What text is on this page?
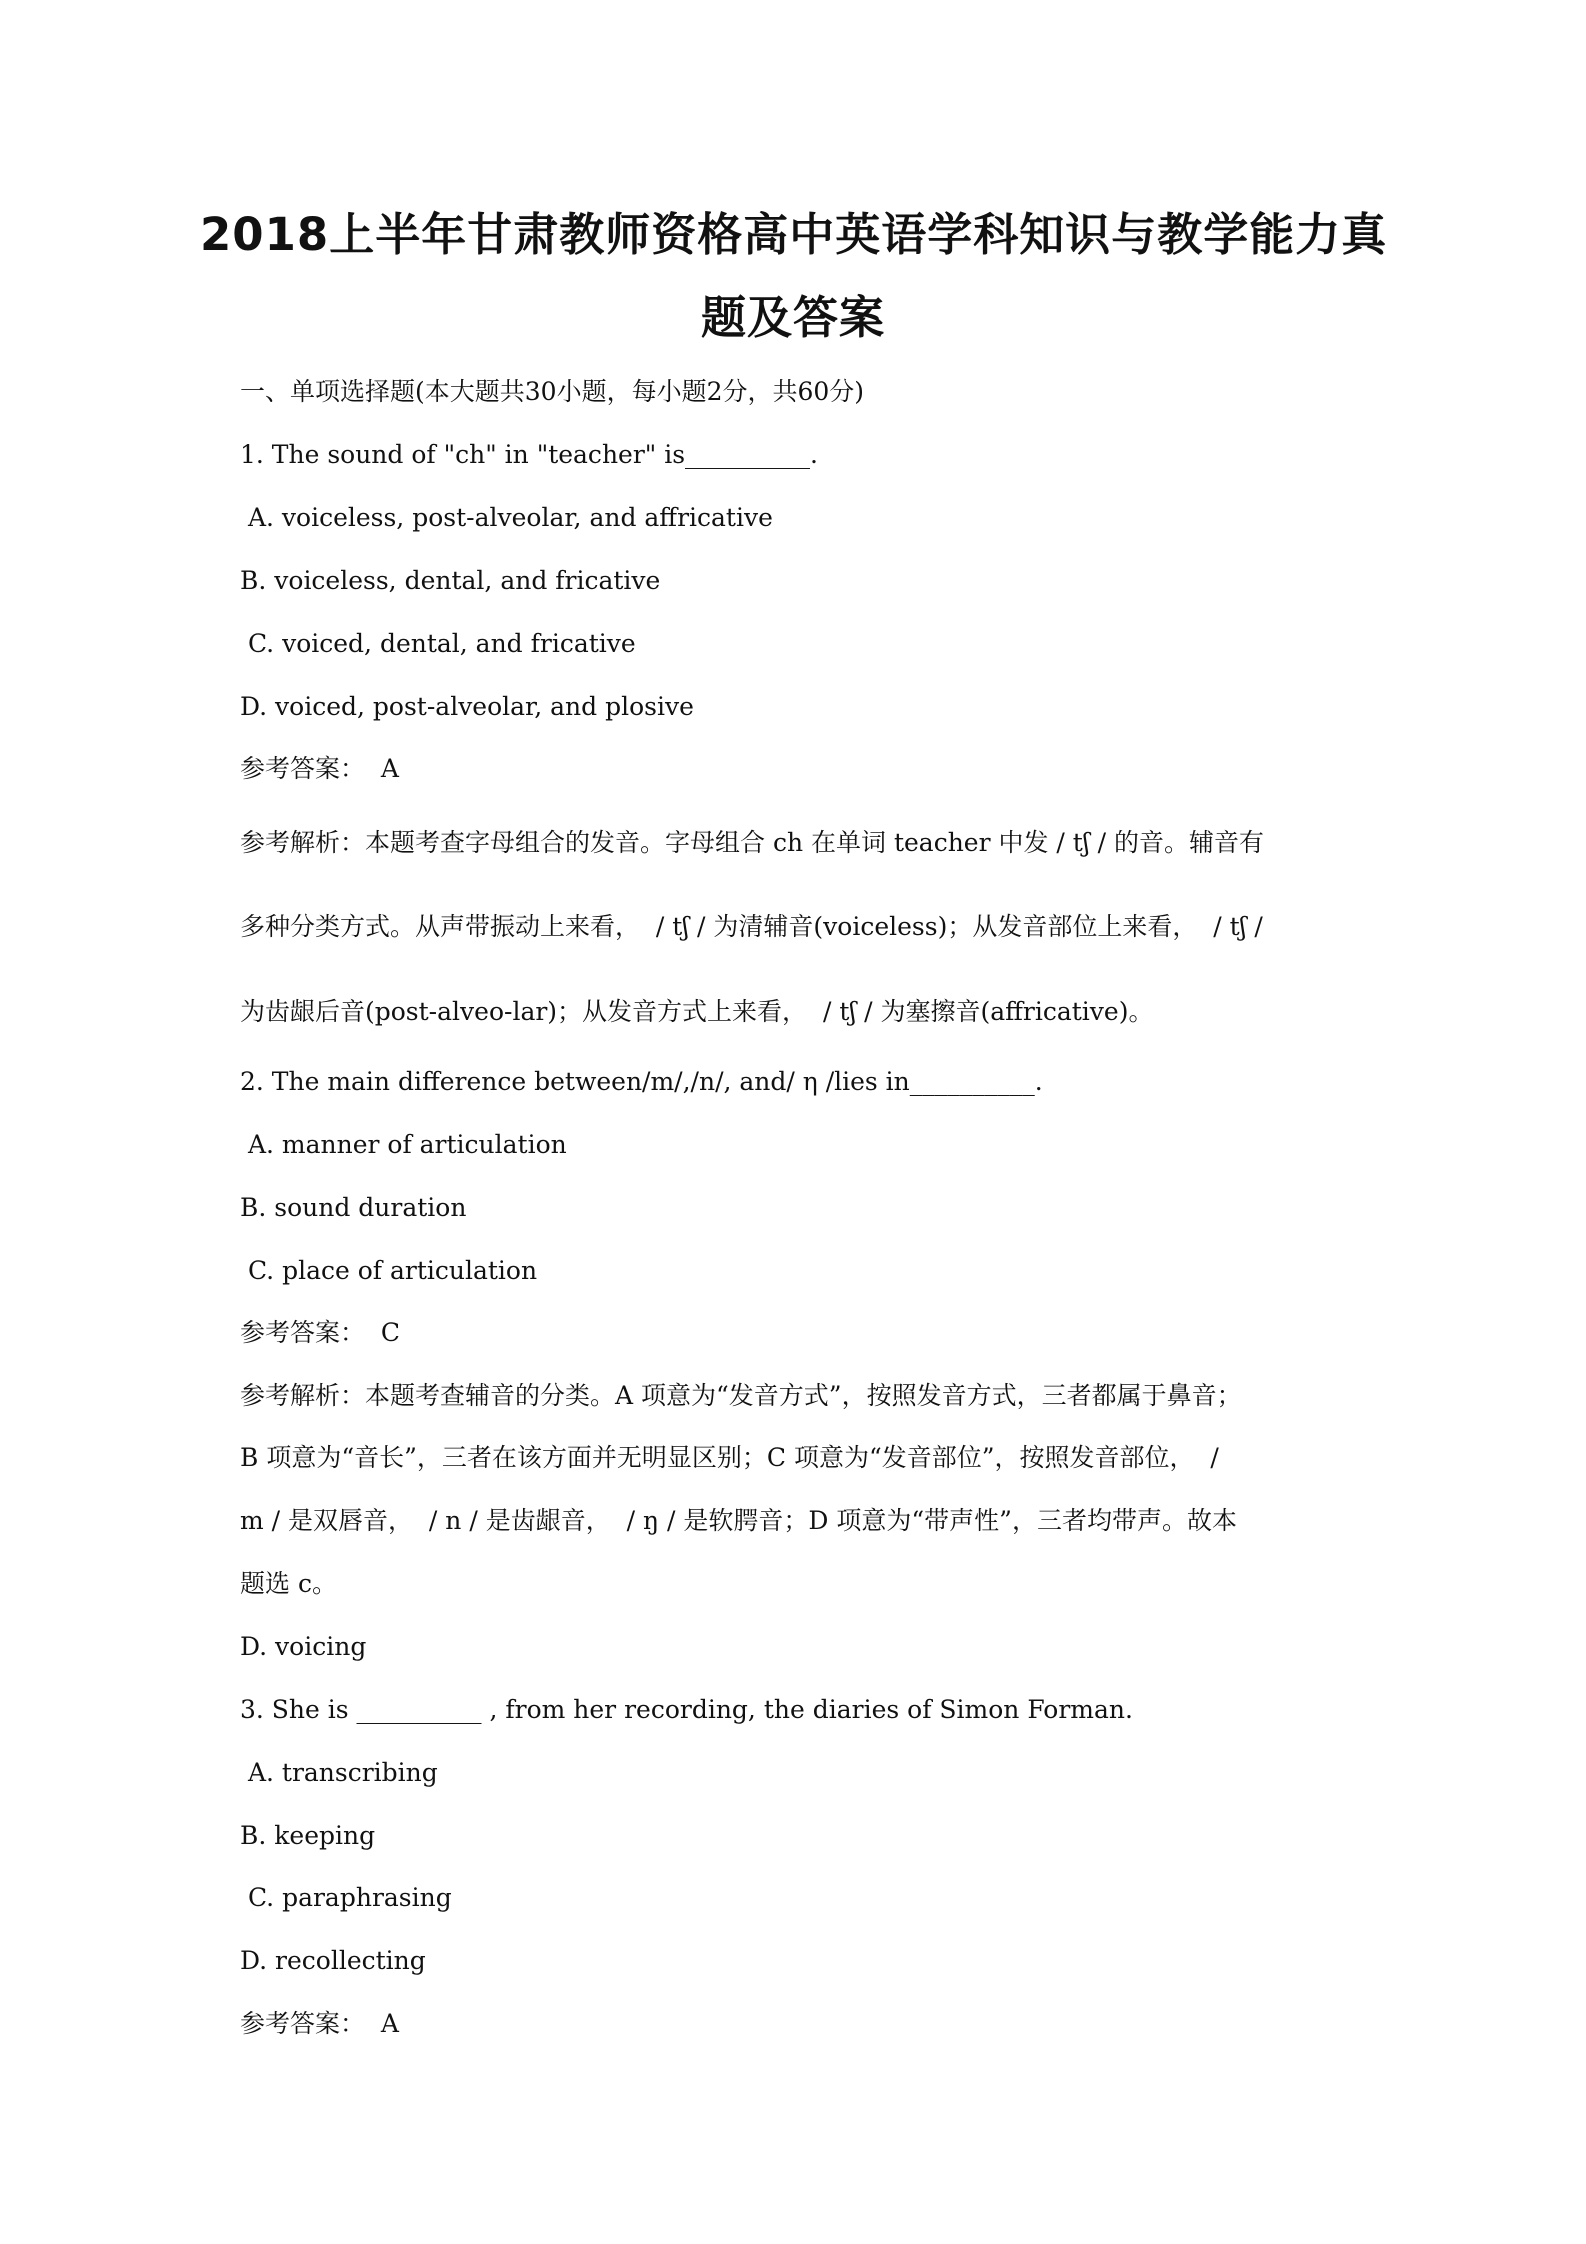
2018上半年甘肃教师资格高中英语学科知识与教学能力真
题及答案
一、单项选择题(本大题共30小题，每小题2分，共60分)
1. The sound of "ch" in "teacher" is__________.
A. voiceless, post-alveolar, and affricative
B. voiceless, dental, and fricative
C. voiced, dental, and fricative
D. voiced, post-alveolar, and plosive
参考答案：  A
参考解析：本题考查字母组合的发音。字母组合 ch 在单词 teacher 中发 / tʃ / 的音。辅音有
多种分类方式。从声带振动上来看，  / tʃ / 为清辅音(voiceless)；从发音部位上来看，  / tʃ /
为齿龈后音(post-alveo-lar)；从发音方式上来看，  / tʃ / 为塞擦音(affricative)。
2. The main difference between/m/,/n/, and/ η /lies in__________.
A. manner of articulation
B. sound duration
C. place of articulation
参考答案：  C
参考解析：本题考查辅音的分类。A 项意为“发音方式”，按照发音方式，三者都属于鼻音；
B 项意为“音长”，三者在该方面并无明显区别；C 项意为“发音部位”，按照发音部位，  /
m / 是双唇音，  / n / 是齿龈音，  / ŋ / 是软腭音；D 项意为“带声性”，三者均带声。故本
题选 c。
D. voicing
3. She is __________ , from her recording, the diaries of Simon Forman.
A. transcribing
B. keeping
C. paraphrasing
D. recollecting
参考答案：  A
